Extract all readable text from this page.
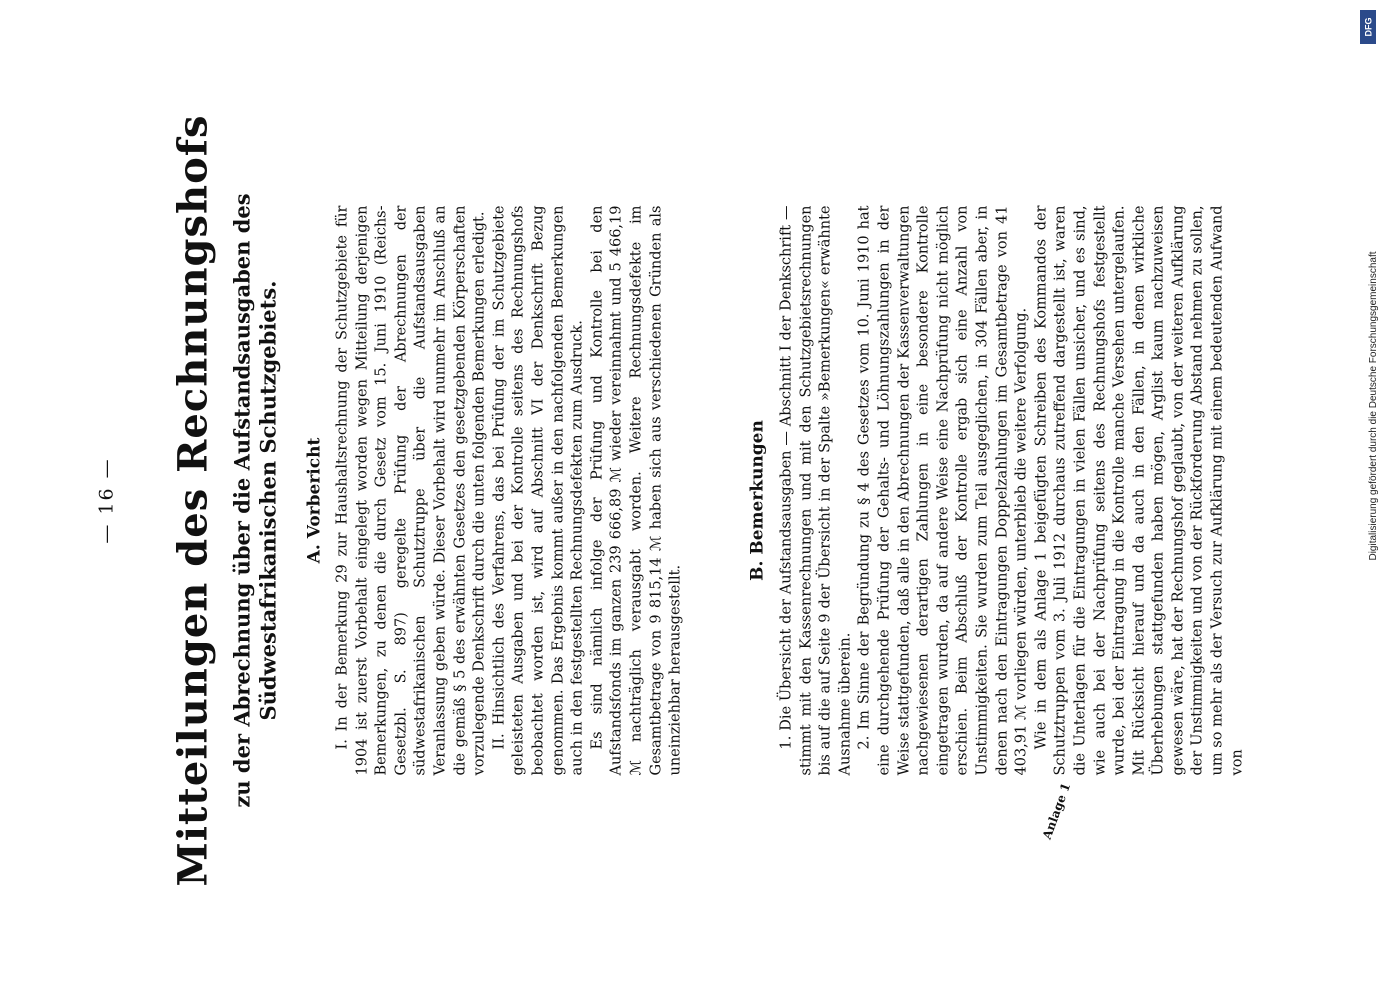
— 16 — Mitteilungen des Rechnungshofs zu der Abrechnung über die Aufstandsausgaben des Südwestafrikanischen Schutzgebiets. A. Vorbericht I. In der Bemerkung 29 zur Haushaltsrechnung der Schutzgebiete für 1904 ist zuerst Vorbehalt eingelegt worden wegen Mitteilung derjenigen Bemerkungen, zu denen die durch Gesetz vom 15. Juni 1910 (Reichs-Gesetzbl. S. 897) geregelte Prüfung der Abrechnungen der südwestafrikanischen Schutztruppe über die Aufstandsausgaben Veranlassung geben würde. Dieser Vorbehalt wird nunmehr im Anschluß an die gemäß § 5 des erwähnten Gesetzes den gesetzgebenden Körperschaften vorzulegende Denkschrift durch die unten folgenden Bemerkungen erledigt. II. Hinsichtlich des Verfahrens, das bei Prüfung der im Schutzgebiete geleisteten Ausgaben und bei der Kontrolle seitens des Rechnungshofs beobachtet worden ist, wird auf Abschnitt VI der Denkschrift Bezug genommen. Das Ergebnis kommt außer in den nachfolgenden Bemerkungen auch in den festgestellten Rechnungsdefekten zum Ausdruck. Es sind nämlich infolge der Prüfung und Kontrolle bei den Aufstandsfonds im ganzen 239 666,89 ℳ wieder vereinnahmt und 5 466,19 ℳ nachträglich verausgabt worden. Weitere Rechnungsdefekte im Gesamtbetrage von 9 815,14 ℳ haben sich aus verschiedenen Gründen als uneinziehbar herausgestellt.

B. Bemerkungen 1. Die Übersicht der Aufstandsausgaben — Abschnitt I der Denkschrift — stimmt mit den Kassenrechnungen und mit den Schutzgebietsrechnungen bis auf die auf Seite 9 der Übersicht in der Spalte »Bemerkungen« erwähnte Ausnahme überein. 2. Im Sinne der Begründung zu § 4 des Gesetzes vom 10. Juni 1910 hat eine durchgehende Prüfung der Gehalts- und Löhnungszahlungen in der Weise stattgefunden, daß alle in den Abrechnungen der Kassenverwaltungen nachgewiesenen derartigen Zahlungen in eine besondere Kontrolle eingetragen wurden, da auf andere Weise eine Nachprüfung nicht möglich erschien. Beim Abschluß der Kontrolle ergab sich eine Anzahl von Unstimmigkeiten. Sie wurden zum Teil ausgeglichen, in 304 Fällen aber, in denen nach den Eintragungen Doppelzahlungen im Gesamtbetrage von 41 403,91 ℳ vorliegen würden, unterblieb die weitere Verfolgung. Wie in dem als Anlage 1 beigefügten Schreiben des Kommandos der Schutztruppen vom 3. Juli 1912 durchaus zutreffend dargestellt ist, waren die Unterlagen für die Eintragungen in vielen Fällen unsicher, und es sind, wie auch bei der Nachprüfung seitens des Rechnungshofs festgestellt wurde, bei der Eintragung in die Kontrolle manche Versehen untergelaufen. Mit Rücksicht hierauf und da auch in den Fällen, in denen wirkliche Überhebungen stattgefunden haben mögen, Arglist kaum nachzuweisen gewesen wäre, hat der Rechnungshof geglaubt, von der weiteren Aufklärung der Unstimmigkeiten und von der Rückforderung Abstand nehmen zu sollen, um so mehr als der Versuch zur Aufklärung mit einem bedeutenden Aufwand von

Anlage 1
DFG
Digitalisierung gefördert durch die Deutsche Forschungsgemeinschaft
